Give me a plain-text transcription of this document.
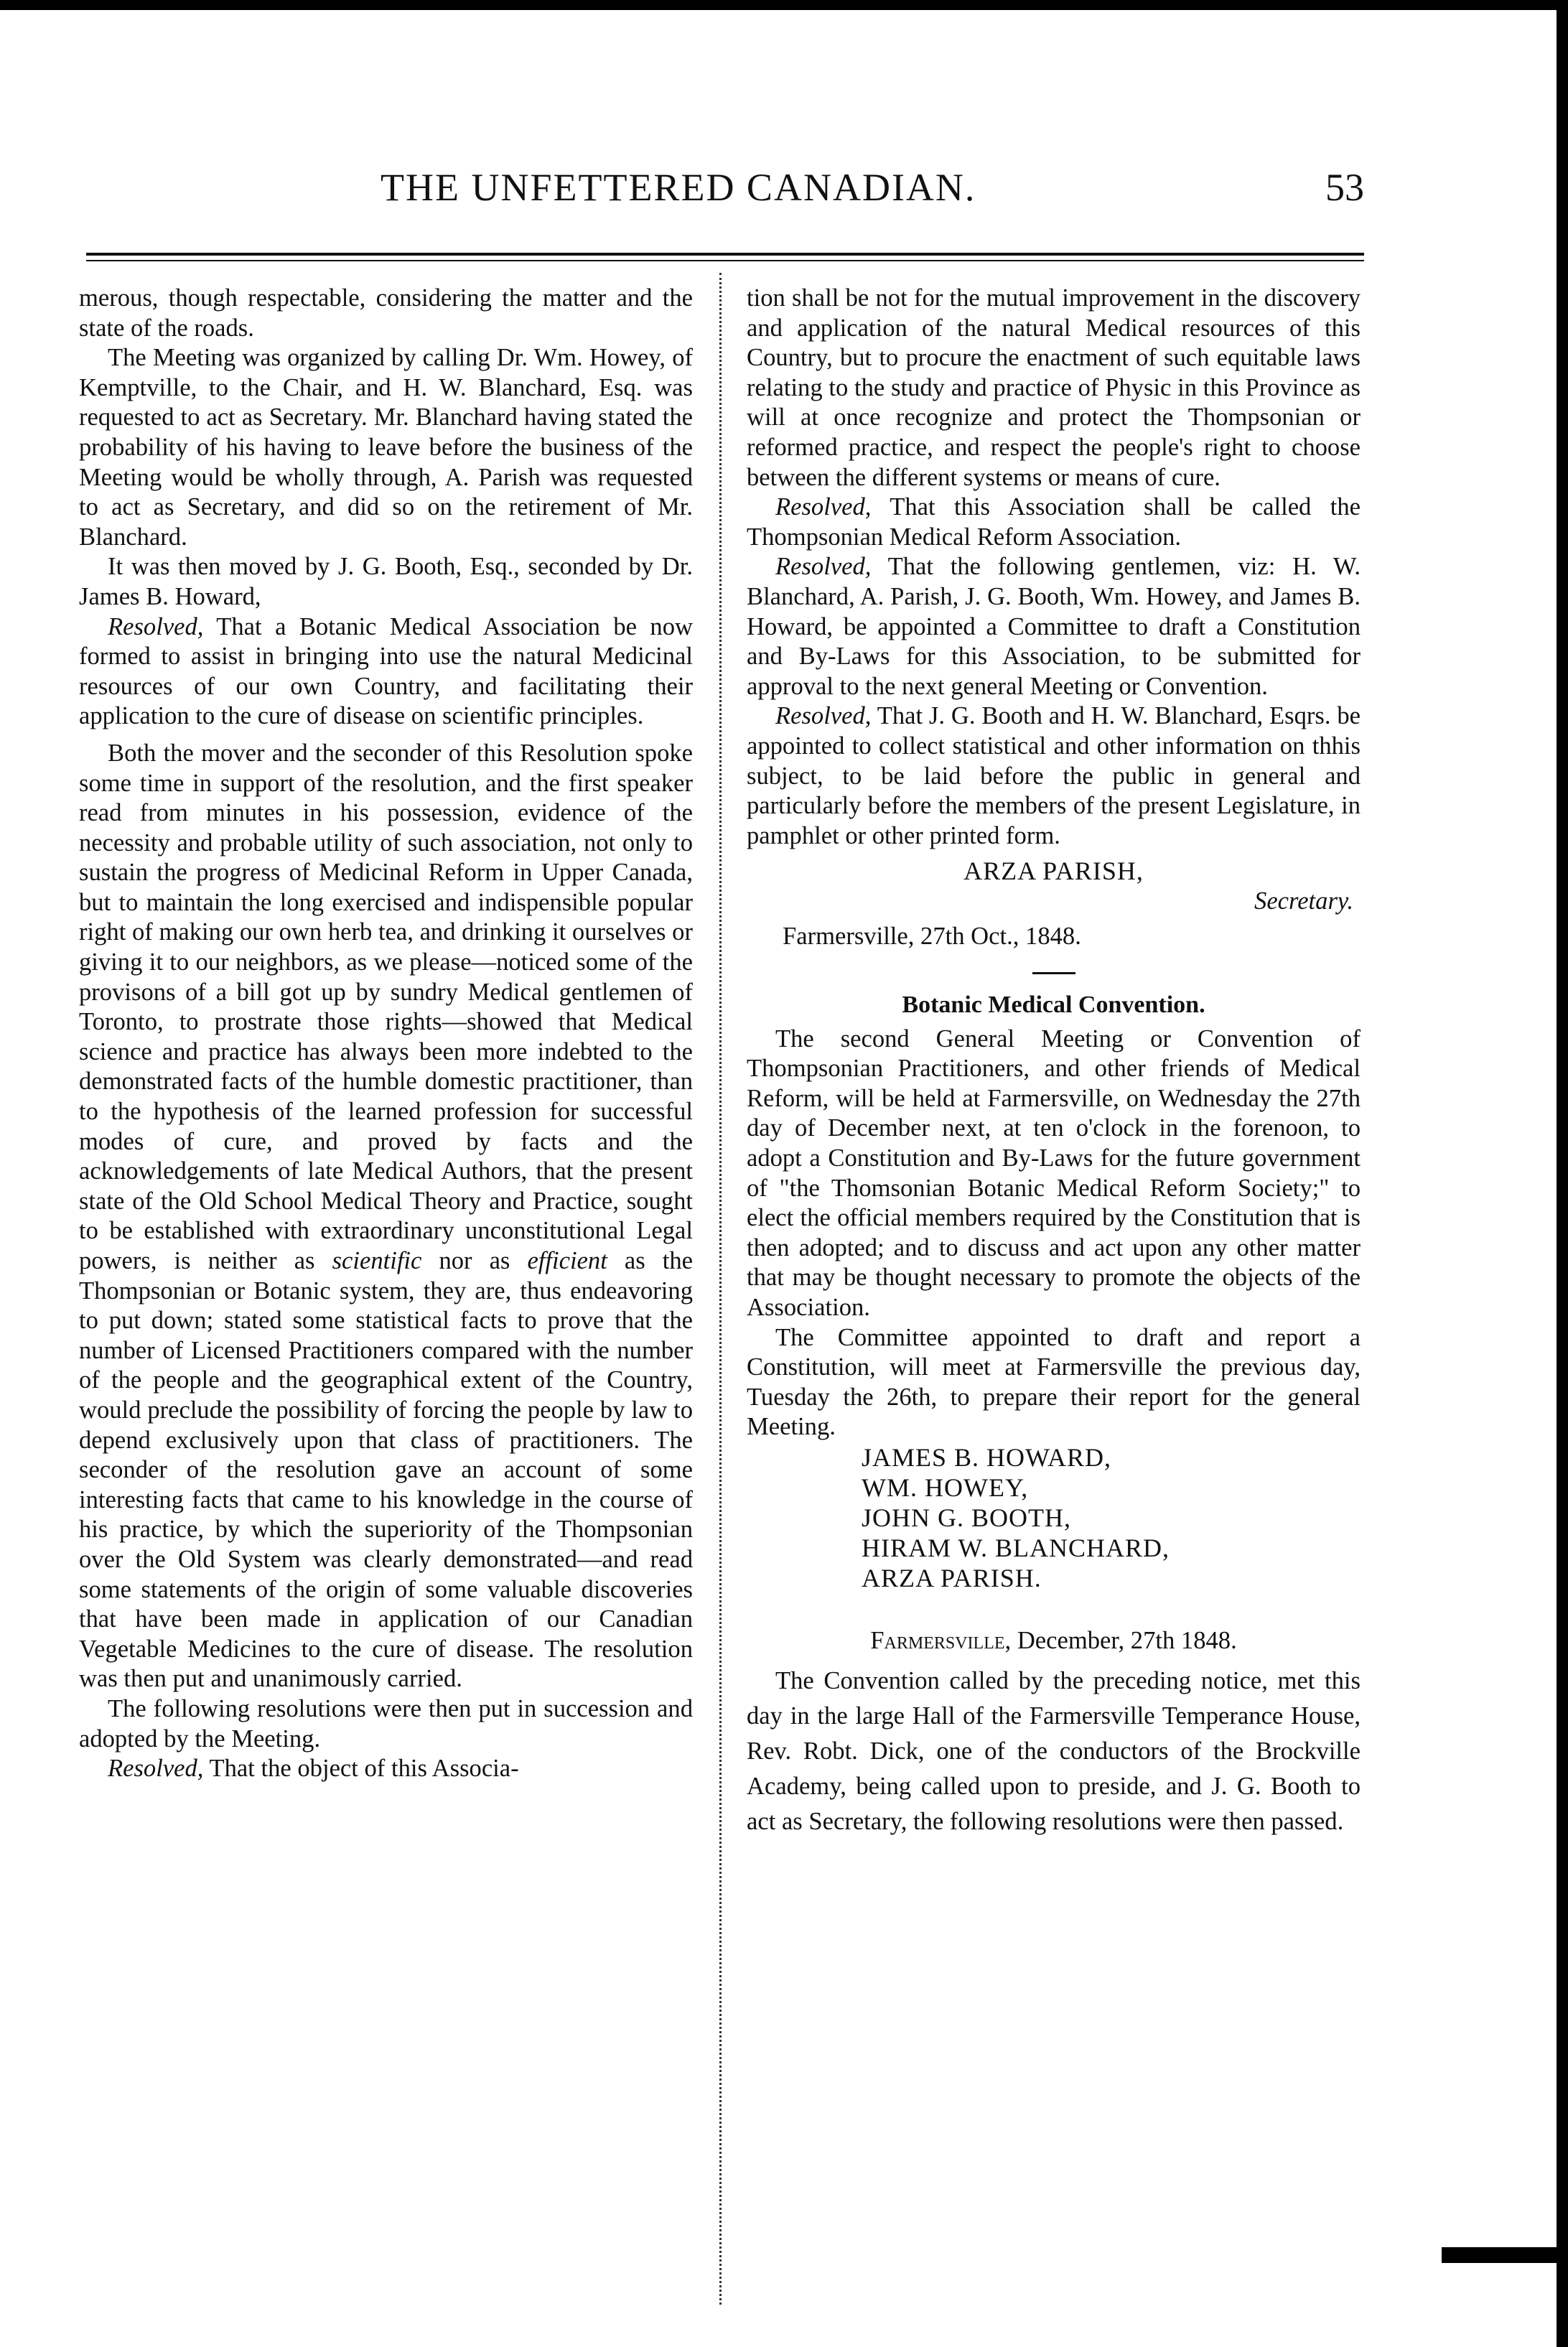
THE UNFETTERED CANADIAN.	53

merous, though respectable, considering the matter and the state of the roads.

The Meeting was organized by calling Dr. Wm. Howey, of Kemptville, to the Chair, and H. W. Blanchard, Esq. was requested to act as Secretary. Mr. Blanchard having stated the probability of his having to leave before the business of the Meeting would be wholly through, A. Parish was requested to act as Secretary, and did so on the retirement of Mr. Blanchard.

It was then moved by J. G. Booth, Esq., seconded by Dr. James B. Howard,

Resolved, That a Botanic Medical Association be now formed to assist in bringing into use the natural Medicinal resources of our own Country, and facilitating their application to the cure of disease on scientific principles.

Both the mover and the seconder of this Resolution spoke some time in support of the resolution, and the first speaker read from minutes in his possession, evidence of the necessity and probable utility of such association, not only to sustain the progress of Medicinal Reform in Upper Canada, but to maintain the long exercised and indispensible popular right of making our own herb tea, and drinking it ourselves or giving it to our neighbors, as we please—noticed some of the provisons of a bill got up by sundry Medical gentlemen of Toronto, to prostrate those rights—showed that Medical science and practice has always been more indebted to the demonstrated facts of the humble domestic practitioner, than to the hypothesis of the learned profession for successful modes of cure, and proved by facts and the acknowledgements of late Medical Authors, that the present state of the Old School Medical Theory and Practice, sought to be established with extraordinary unconstitutional Legal powers, is neither as scientific nor as efficient as the Thompsonian or Botanic system, they are, thus endeavoring to put down; stated some statistical facts to prove that the number of Licensed Practitioners compared with the number of the people and the geographical extent of the Country, would preclude the possibility of forcing the people by law to depend exclusively upon that class of practitioners. The seconder of the resolution gave an account of some interesting facts that came to his knowledge in the course of his practice, by which the superiority of the Thompsonian over the Old System was clearly demonstrated—and read some statements of the origin of some valuable discoveries that have been made in application of our Canadian Vegetable Medicines to the cure of disease. The resolution was then put and unanimously carried.

The following resolutions were then put in succession and adopted by the Meeting.

Resolved, That the object of this Associa-

tion shall be not for the mutual improvement in the discovery and application of the natural Medical resources of this Country, but to procure the enactment of such equitable laws relating to the study and practice of Physic in this Province as will at once recognize and protect the Thompsonian or reformed practice, and respect the people's right to choose between the different systems or means of cure.

Resolved, That this Association shall be called the Thompsonian Medical Reform Association.

Resolved, That the following gentlemen, viz: H. W. Blanchard, A. Parish, J. G. Booth, Wm. Howey, and James B. Howard, be appointed a Committee to draft a Constitution and By-Laws for this Association, to be submitted for approval to the next general Meeting or Convention.

Resolved, That J. G. Booth and H. W. Blanchard, Esqrs. be appointed to collect statistical and other information on thhis subject, to be laid before the public in general and particularly before the members of the present Legislature, in pamphlet or other printed form.

ARZA PARISH,
Secretary.
Farmersville, 27th Oct., 1848.
Botanic Medical Convention.

The second General Meeting or Convention of Thompsonian Practitioners, and other friends of Medical Reform, will be held at Farmersville, on Wednesday the 27th day of December next, at ten o'clock in the forenoon, to adopt a Constitution and By-Laws for the future government of "the Thomsonian Botanic Medical Reform Society;" to elect the official members required by the Constitution that is then adopted; and to discuss and act upon any other matter that may be thought necessary to promote the objects of the Association.

The Committee appointed to draft and report a Constitution, will meet at Farmersville the previous day, Tuesday the 26th, to prepare their report for the general Meeting.

JAMES B. HOWARD,
WM. HOWEY,
JOHN G. BOOTH,
HIRAM W. BLANCHARD,
ARZA PARISH.
Farmersville, December, 27th 1848.

The Convention called by the preceding notice, met this day in the large Hall of the Farmersville Temperance House, Rev. Robt. Dick, one of the conductors of the Brockville Academy, being called upon to preside, and J. G. Booth to act as Secretary, the following resolutions were then passed.
